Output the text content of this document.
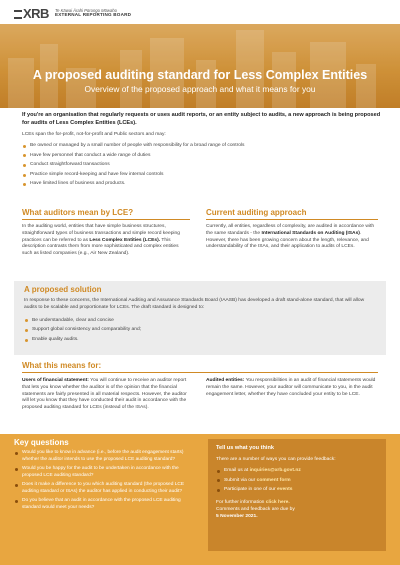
XRB Te Kāwai Ārahi Pūrongo Mōwaho
EXTERNAL REPORTING BOARD
A proposed auditing standard for Less Complex Entities
Overview of the proposed approach and what it means for you
If you're an organisation that regularly requests or uses audit reports, or an entity subject to audits, a new approach is being proposed for audits of Less Complex Entities (LCEs).
LCEs span the for-profit, not-for-profit and Public sectors and may:
Be owned or managed by a small number of people with responsibility for a broad range of controls
Have few personnel that conduct a wide range of duties
Conduct straightforward transactions
Practice simple record-keeping and have few internal controls
Have limited lines of business and products.
What auditors mean by LCE?
In the auditing world, entities that have simple business structures, straightforward types of business transactions and simple record keeping practices can be referred to as Less Complex Entities (LCEs). This description contrasts them from more sophisticated and complex entities such as listed companies (e.g., Air New Zealand).
Current auditing approach
Currently, all entities, regardless of complexity, are audited in accordance with the same standards - the International Standards on Auditing (ISAs). However, there has been growing concern about the length, relevance, and understandability of the ISAs, and their application to audits of LCEs.
A proposed solution
In response to these concerns, the International Auditing and Assurance Standards Board (IAASB) has developed a draft stand-alone standard, that will allow audits to be scalable and proportionate for LCEs. The draft standard is designed to:
Be understandable, clear and concise
Support global consistency and comparability and;
Enable quality audits.
What this means for:
Users of financial statement: You will continue to receive an auditor report that lets you know whether the auditor is of the opinion that the financial statements are fairly presented in all material respects. However, the auditor will let you know that they have conducted their audit in accordance with the proposed auditing standard for LCEs (instead of the ISAs).
Audited entities: You responsibilities in an audit of financial statements would remain the same. However, your auditor will communicate to you, in the audit engagement letter, whether they have concluded your entity to be LCE.
Key questions
Would you like to know in advance (i.e., before the audit engagement starts) whether the auditor intends to use the proposed LCE auditing standard?
Would you be happy for the audit to be undertaken in accordance with the proposed LCE auditing standard?
Does it make a difference to you which auditing standard (the proposed LCE auditing standard or ISAs) the auditor has applied in conducting their audit?
Do you believe that an audit in accordance with the proposed LCE auditing standard would meet your needs?
Tell us what you think
There are a number of ways you can provide feedback:
Email us at inquiries@xrb.govt.nz
Submit via our comment form
Participate in one of our events
For further information click here.
Comments and feedback are due by
5 November 2021.
